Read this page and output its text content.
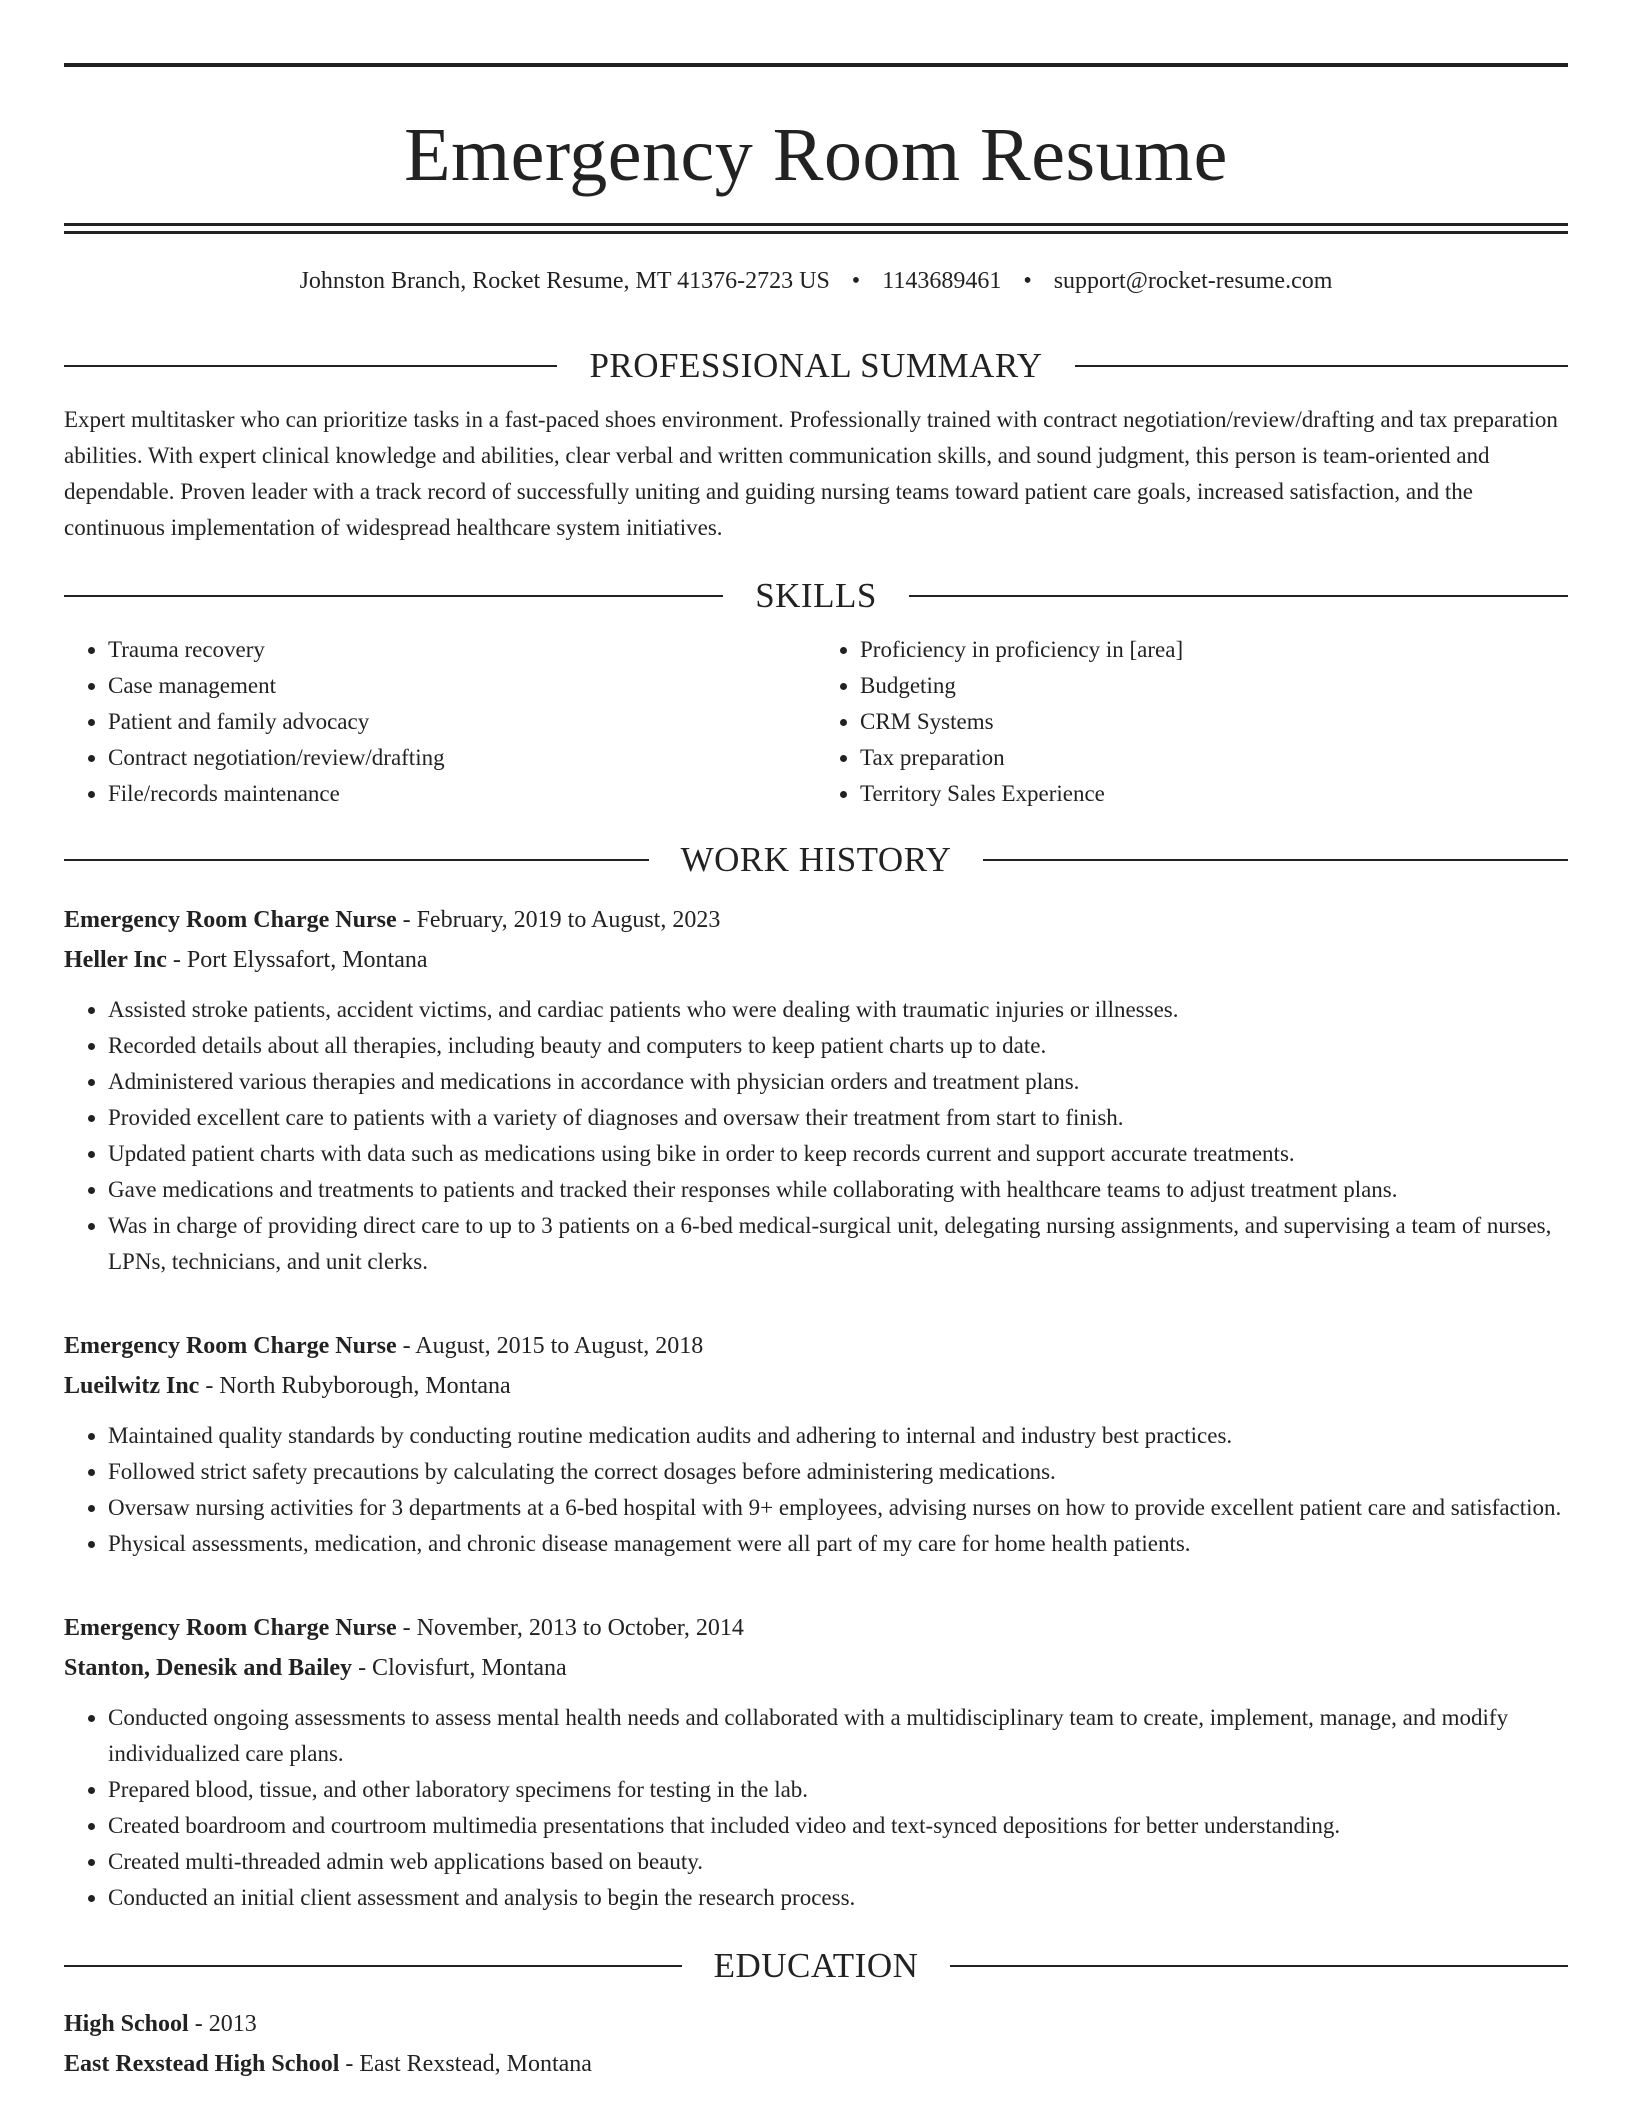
Emergency Room Resume
Johnston Branch, Rocket Resume, MT 41376-2723 US • 1143689461 • support@rocket-resume.com
PROFESSIONAL SUMMARY

Expert multitasker who can prioritize tasks in a fast-paced shoes environment. Professionally trained with contract negotiation/review/drafting and tax preparation abilities. With expert clinical knowledge and abilities, clear verbal and written communication skills, and sound judgment, this person is team-oriented and dependable. Proven leader with a track record of successfully uniting and guiding nursing teams toward patient care goals, increased satisfaction, and the continuous implementation of widespread healthcare system initiatives.

SKILLS
• Trauma recovery
• Case management
• Patient and family advocacy
• Contract negotiation/review/drafting
• File/records maintenance
• Proficiency in proficiency in [area]
• Budgeting
• CRM Systems
• Tax preparation
• Territory Sales Experience
WORK HISTORY
Emergency Room Charge Nurse - February, 2019 to August, 2023
Heller Inc - Port Elyssafort, Montana
• Assisted stroke patients, accident victims, and cardiac patients who were dealing with traumatic injuries or illnesses.
• Recorded details about all therapies, including beauty and computers to keep patient charts up to date.
• Administered various therapies and medications in accordance with physician orders and treatment plans.
• Provided excellent care to patients with a variety of diagnoses and oversaw their treatment from start to finish.
• Updated patient charts with data such as medications using bike in order to keep records current and support accurate treatments.
• Gave medications and treatments to patients and tracked their responses while collaborating with healthcare teams to adjust treatment plans.
• Was in charge of providing direct care to up to 3 patients on a 6-bed medical-surgical unit, delegating nursing assignments, and supervising a team of nurses, LPNs, technicians, and unit clerks.
Emergency Room Charge Nurse - August, 2015 to August, 2018
Lueilwitz Inc - North Rubyborough, Montana
• Maintained quality standards by conducting routine medication audits and adhering to internal and industry best practices.
• Followed strict safety precautions by calculating the correct dosages before administering medications.
• Oversaw nursing activities for 3 departments at a 6-bed hospital with 9+ employees, advising nurses on how to provide excellent patient care and satisfaction.
• Physical assessments, medication, and chronic disease management were all part of my care for home health patients.
Emergency Room Charge Nurse - November, 2013 to October, 2014
Stanton, Denesik and Bailey - Clovisfurt, Montana
• Conducted ongoing assessments to assess mental health needs and collaborated with a multidisciplinary team to create, implement, manage, and modify individualized care plans.
• Prepared blood, tissue, and other laboratory specimens for testing in the lab.
• Created boardroom and courtroom multimedia presentations that included video and text-synced depositions for better understanding.
• Created multi-threaded admin web applications based on beauty.
• Conducted an initial client assessment and analysis to begin the research process.
EDUCATION
High School - 2013
East Rexstead High School - East Rexstead, Montana
